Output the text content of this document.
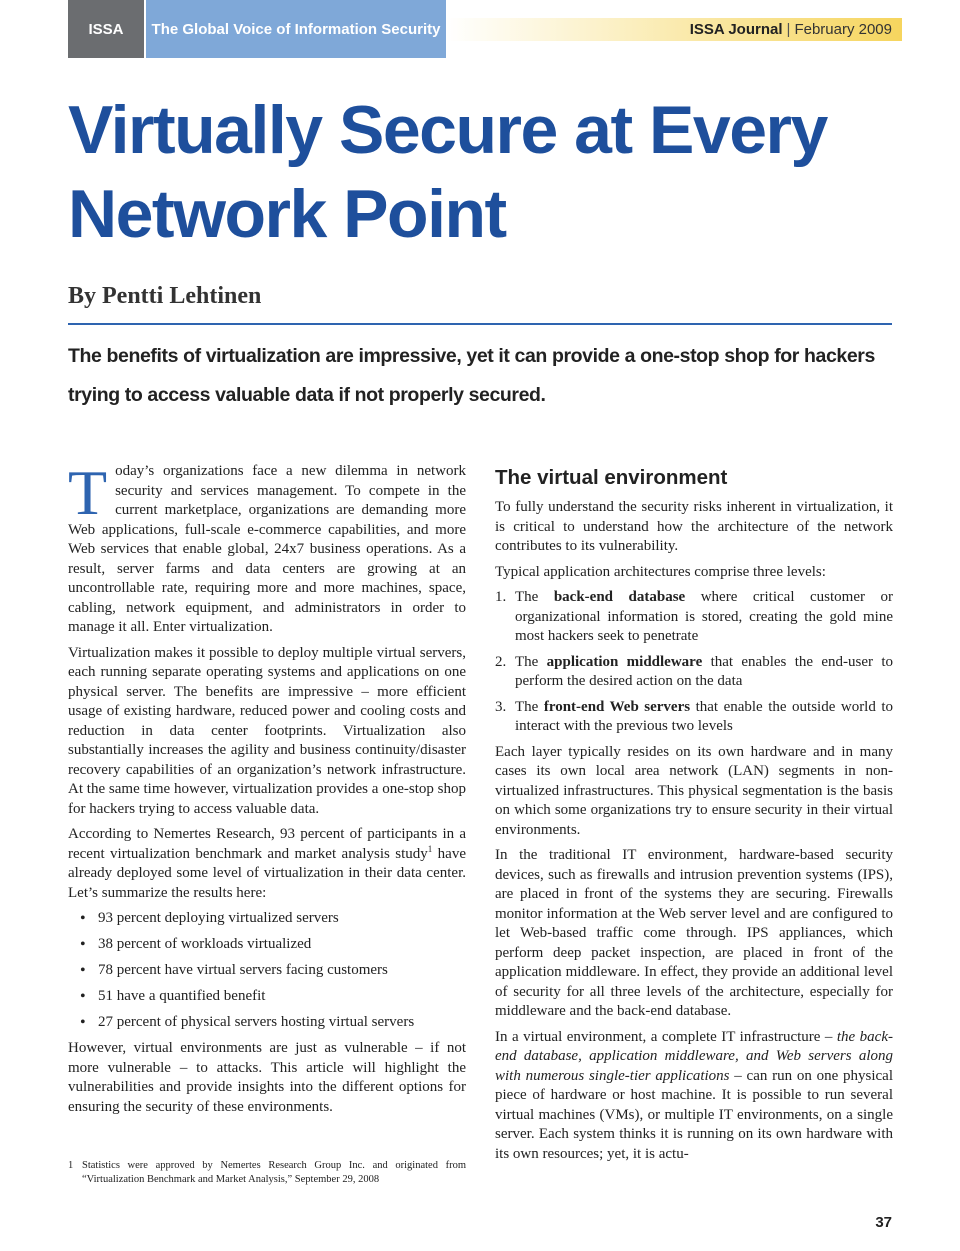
ISSA The Global Voice of Information Security	ISSA Journal | February 2009
Virtually Secure at Every Network Point

By Pentti Lehtinen

The benefits of virtualization are impressive, yet it can provide a one-stop shop for hackers trying to access valuable data if not properly secured.

Today’s organizations face a new dilemma in network security and services management. To compete in the current marketplace, organizations are demanding more Web applications, full-scale e-commerce capabilities, and more Web services that enable global, 24x7 business operations. As a result, server farms and data centers are growing at an uncontrollable rate, requiring more and more machines, space, cabling, network equipment, and administrators in order to manage it all. Enter virtualization.

Virtualization makes it possible to deploy multiple virtual servers, each running separate operating systems and applications on one physical server. The benefits are impressive – more efficient usage of existing hardware, reduced power and cooling costs and reduction in data center footprints. Virtualization also substantially increases the agility and business continuity/disaster recovery capabilities of an organization’s network infrastructure. At the same time however, virtualization provides a one-stop shop for hackers trying to access valuable data.

According to Nemertes Research, 93 percent of participants in a recent virtualization benchmark and market analysis study$^1$ have already deployed some level of virtualization in their data center. Let’s summarize the results here:

• 93 percent deploying virtualized servers
• 38 percent of workloads virtualized
• 78 percent have virtual servers facing customers
• 51 have a quantified benefit
• 27 percent of physical servers hosting virtual servers

However, virtual environments are just as vulnerable – if not more vulnerable – to attacks. This article will highlight the vulnerabilities and provide insights into the different options for ensuring the security of these environments.

1 Statistics were approved by Nemertes Research Group Inc. and originated from “Virtualization Benchmark and Market Analysis,” September 29, 2008
The virtual environment

To fully understand the security risks inherent in virtualization, it is critical to understand how the architecture of the network contributes to its vulnerability.

Typical application architectures comprise three levels:

1. The back-end database where critical customer or organizational information is stored, creating the gold mine most hackers seek to penetrate
2. The application middleware that enables the end-user to perform the desired action on the data
3. The front-end Web servers that enable the outside world to interact with the previous two levels

Each layer typically resides on its own hardware and in many cases its own local area network (LAN) segments in non-virtualized infrastructures. This physical segmentation is the basis on which some organizations try to ensure security in their virtual environments.

In the traditional IT environment, hardware-based security devices, such as firewalls and intrusion prevention systems (IPS), are placed in front of the systems they are securing. Firewalls monitor information at the Web server level and are configured to let Web-based traffic come through. IPS appliances, which perform deep packet inspection, are placed in front of the application middleware. In effect, they provide an additional level of security for all three levels of the architecture, especially for middleware and the back-end database.

In a virtual environment, a complete IT infrastructure – the back-end database, application middleware, and Web servers along with numerous single-tier applications – can run on one physical piece of hardware or host machine. It is possible to run several virtual machines (VMs), or multiple IT environments, on a single server. Each system thinks it is running on its own hardware with its own resources; yet, it is actu-

37
